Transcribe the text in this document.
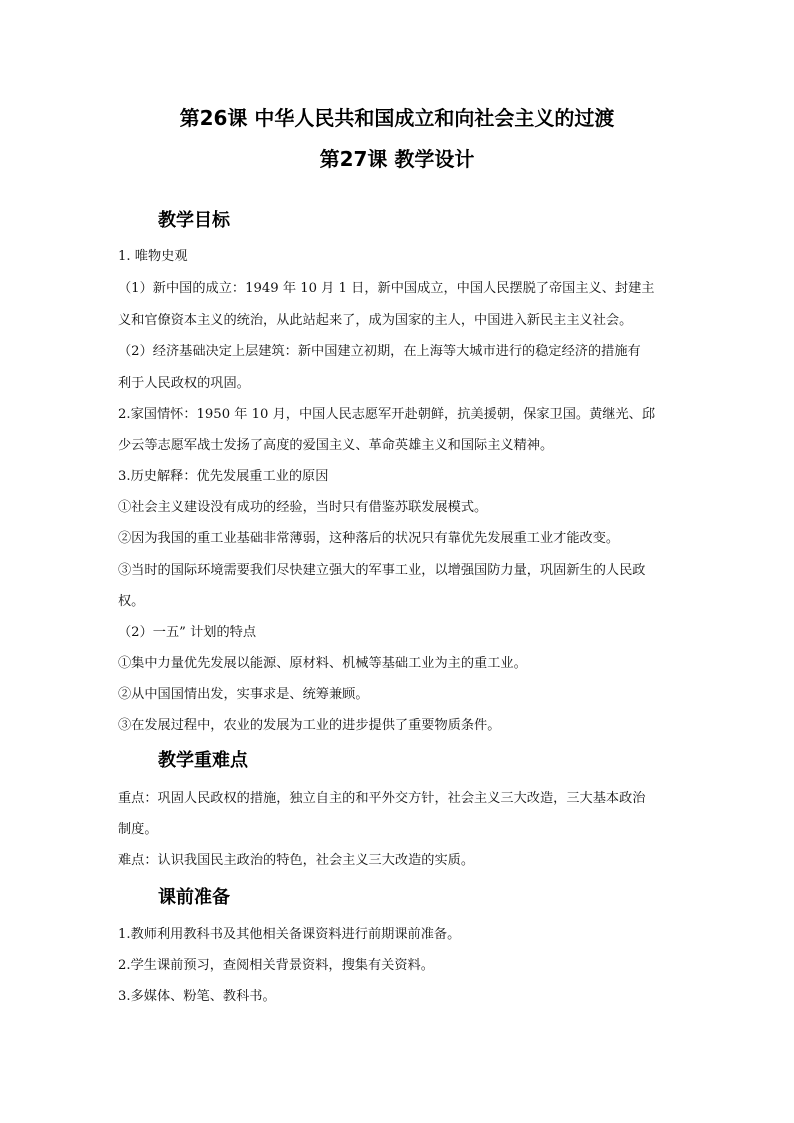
第26课 中华人民共和国成立和向社会主义的过渡
第27课 教学设计
教学目标
1. 唯物史观
（1）新中国的成立：1949 年 10 月 1 日，新中国成立，中国人民摆脱了帝国主义、封建主
义和官僚资本主义的统治，从此站起来了，成为国家的主人，中国进入新民主主义社会。
（2）经济基础决定上层建筑：新中国建立初期，在上海等大城市进行的稳定经济的措施有
利于人民政权的巩固。
2.家国情怀：1950 年 10 月，中国人民志愿军开赴朝鲜，抗美援朝，保家卫国。黄继光、邱
少云等志愿军战士发扬了高度的爱国主义、革命英雄主义和国际主义精神。
3.历史解释：优先发展重工业的原因
①社会主义建设没有成功的经验，当时只有借鉴苏联发展模式。
②因为我国的重工业基础非常薄弱，这种落后的状况只有靠优先发展重工业才能改变。
③当时的国际环境需要我们尽快建立强大的军事工业，以增强国防力量，巩固新生的人民政
权。
（2）一五” 计划的特点
①集中力量优先发展以能源、原材料、机械等基础工业为主的重工业。
②从中国国情出发，实事求是、统筹兼顾。
③在发展过程中，农业的发展为工业的进步提供了重要物质条件。
教学重难点
重点：巩固人民政权的措施，独立自主的和平外交方针，社会主义三大改造，三大基本政治
制度。
难点：认识我国民主政治的特色，社会主义三大改造的实质。
课前准备
1.教师利用教科书及其他相关备课资料进行前期课前准备。
2.学生课前预习，查阅相关背景资料，搜集有关资料。
3.多媒体、粉笔、教科书。
